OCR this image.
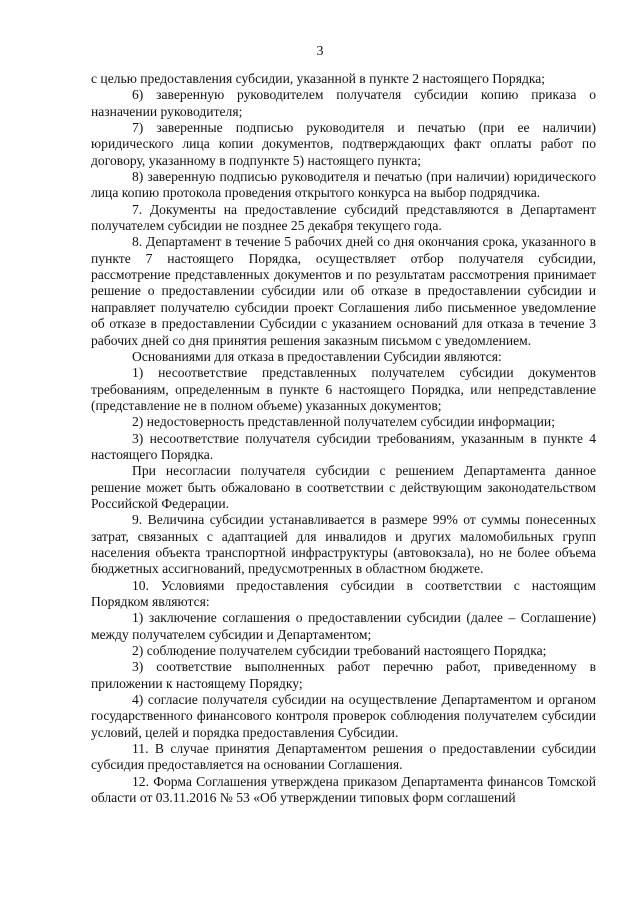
3

с целью предоставления субсидии, указанной в пункте 2 настоящего Порядка;

6) заверенную руководителем получателя субсидии копию приказа о назначении руководителя;

7) заверенные подписью руководителя и печатью (при ее наличии) юридического лица копии документов, подтверждающих факт оплаты работ по договору, указанному в подпункте 5) настоящего пункта;

8) заверенную подписью руководителя и печатью (при наличии) юридического лица копию протокола проведения открытого конкурса на выбор подрядчика.

7. Документы на предоставление субсидий представляются в Департамент получателем субсидии не позднее 25 декабря текущего года.

8. Департамент в течение 5 рабочих дней со дня окончания срока, указанного в пункте 7 настоящего Порядка, осуществляет отбор получателя субсидии, рассмотрение представленных документов и по результатам рассмотрения принимает решение о предоставлении субсидии или об отказе в предоставлении субсидии и направляет получателю субсидии проект Соглашения либо письменное уведомление об отказе в предоставлении Субсидии с указанием оснований для отказа в течение 3 рабочих дней со дня принятия решения заказным письмом с уведомлением.

Основаниями для отказа в предоставлении Субсидии являются:

1) несоответствие представленных получателем субсидии документов требованиям, определенным в пункте 6 настоящего Порядка, или непредставление (представление не в полном объеме) указанных документов;

2) недостоверность представленной получателем субсидии информации;

3) несоответствие получателя субсидии требованиям, указанным в пункте 4 настоящего Порядка.

При несогласии получателя субсидии с решением Департамента данное решение может быть обжаловано в соответствии с действующим законодательством Российской Федерации.

9. Величина субсидии устанавливается в размере 99% от суммы понесенных затрат, связанных с адаптацией для инвалидов и других маломобильных групп населения объекта транспортной инфраструктуры (автовокзала), но не более объема бюджетных ассигнований, предусмотренных в областном бюджете.

10. Условиями предоставления субсидии в соответствии с настоящим Порядком являются:

1) заключение соглашения о предоставлении субсидии (далее – Соглашение) между получателем субсидии и Департаментом;

2) соблюдение получателем субсидии требований настоящего Порядка;

3) соответствие выполненных работ перечню работ, приведенному в приложении к настоящему Порядку;

4) согласие получателя субсидии на осуществление Департаментом и органом государственного финансового контроля проверок соблюдения получателем субсидии условий, целей и порядка предоставления Субсидии.

11. В случае принятия Департаментом решения о предоставлении субсидии субсидия предоставляется на основании Соглашения.

12. Форма Соглашения утверждена приказом Департамента финансов Томской области от 03.11.2016 № 53 «Об утверждении типовых форм соглашений
